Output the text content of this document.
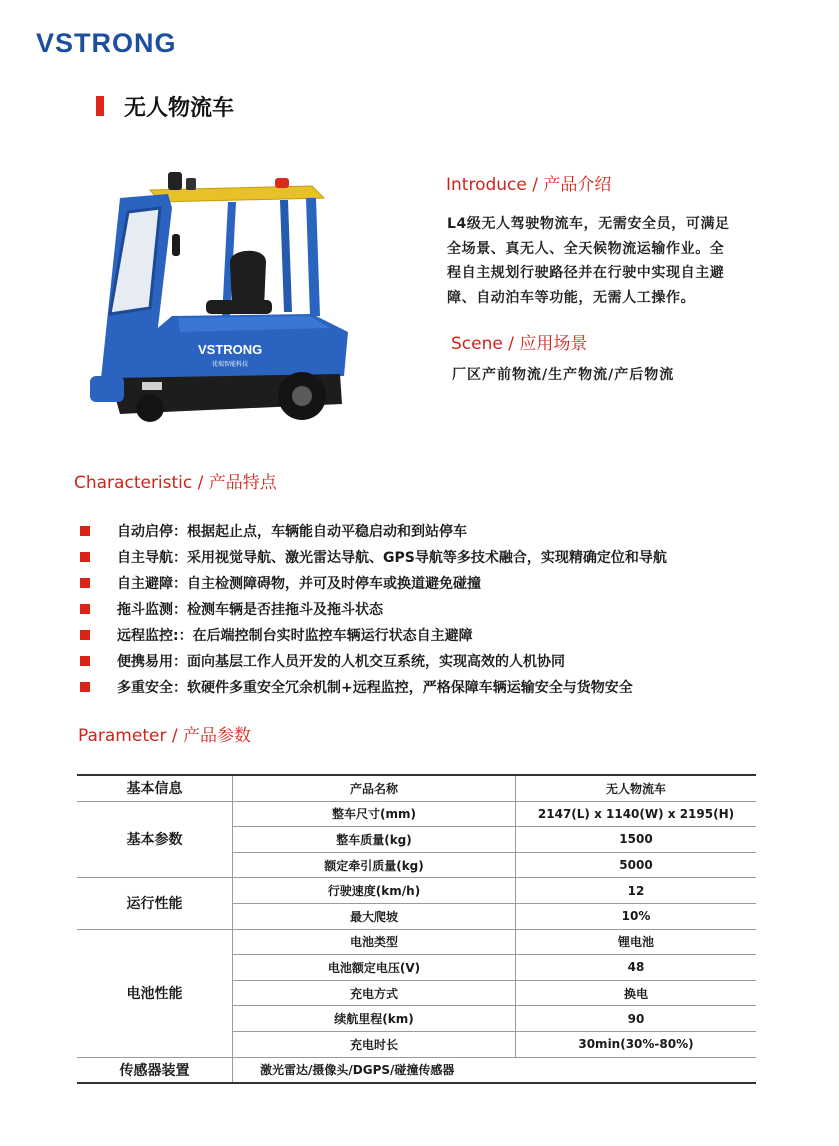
VSTRONG
无人物流车
VSTRONG
优瑞智能科技
Introduce / 产品介绍
L4级无人驾驶物流车，无需安全员，可满足
全场景、真无人、全天候物流运输作业。全
程自主规划行驶路径并在行驶中实现自主避
障、自动泊车等功能，无需人工操作。
Scene / 应用场景
厂区产前物流/生产物流/产后物流
Characteristic / 产品特点
自动启停：根据起止点，车辆能自动平稳启动和到站停车
自主导航：采用视觉导航、激光雷达导航、GPS导航等多技术融合，实现精确定位和导航
自主避障：自主检测障碍物，并可及时停车或换道避免碰撞
拖斗监测：检测车辆是否挂拖斗及拖斗状态
远程监控:：在后端控制台实时监控车辆运行状态自主避障
便携易用：面向基层工作人员开发的人机交互系统，实现高效的人机协同
多重安全：软硬件多重安全冗余机制+远程监控，严格保障车辆运输安全与货物安全
Parameter / 产品参数
基本信息	产品名称	无人物流车
基本参数	整车尺寸(mm)	2147(L) x 1140(W) x 2195(H)
	整车质量(kg)	1500
	额定牵引质量(kg)	5000
运行性能	行驶速度(km/h)	12
	最大爬坡	10%
电池性能	电池类型	锂电池
	电池额定电压(V)	48
	充电方式	换电
	续航里程(km)	90
	充电时长	30min(30%-80%)
传感器装置	激光雷达/摄像头/DGPS/碰撞传感器	
